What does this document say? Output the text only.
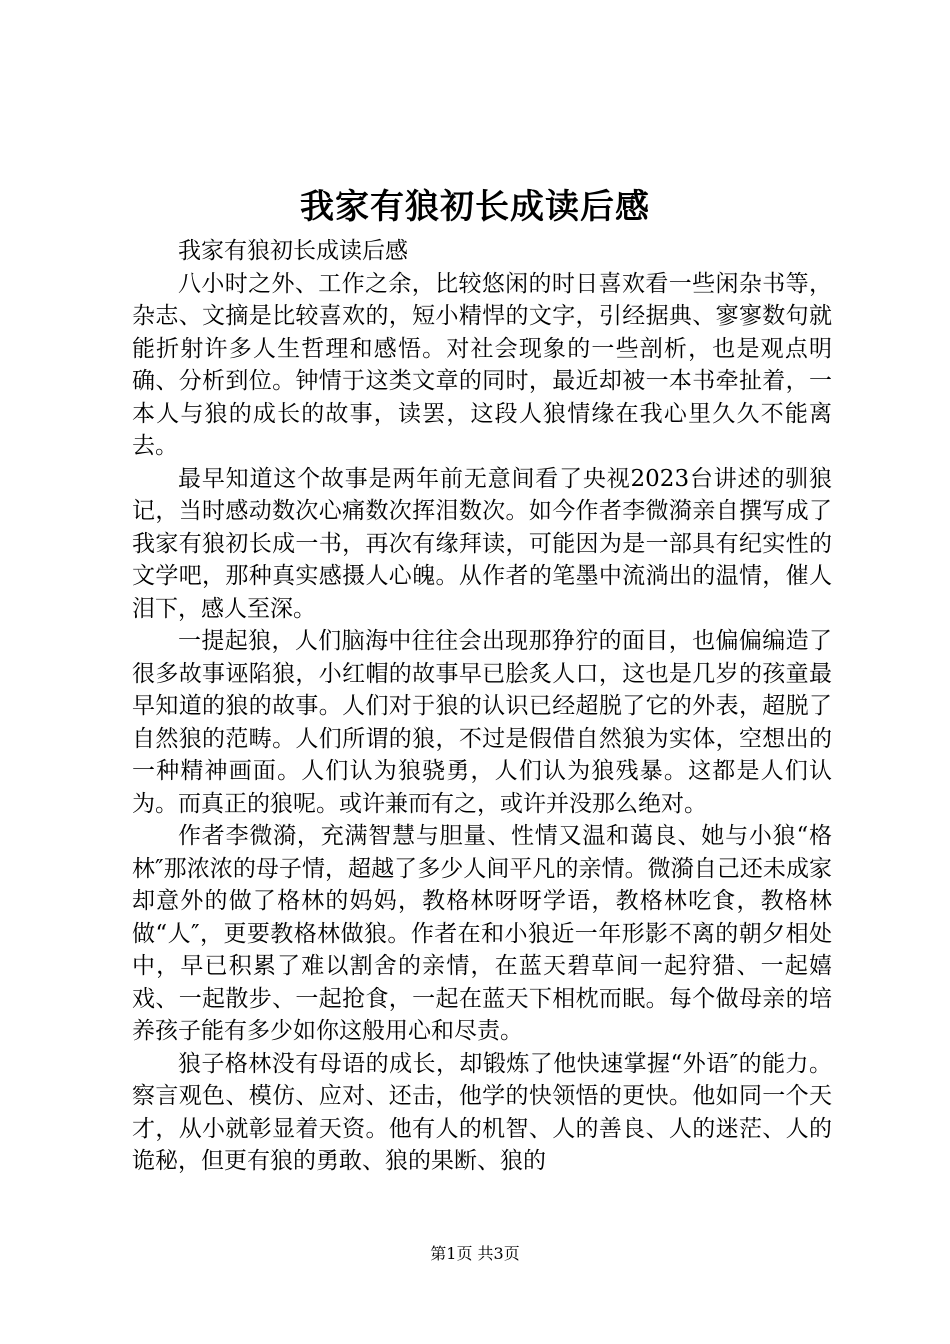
我家有狼初长成读后感

我家有狼初长成读后感

八小时之外、工作之余，比较悠闲的时日喜欢看一些闲杂书等，杂志、文摘是比较喜欢的，短小精悍的文字，引经据典、寥寥数句就能折射许多人生哲理和感悟。对社会现象的一些剖析，也是观点明确、分析到位。钟情于这类文章的同时，最近却被一本书牵扯着，一本人与狼的成长的故事，读罢，这段人狼情缘在我心里久久不能离去。

最早知道这个故事是两年前无意间看了央视2023台讲述的驯狼记，当时感动数次心痛数次挥泪数次。如今作者李微漪亲自撰写成了我家有狼初长成一书，再次有缘拜读，可能因为是一部具有纪实性的文学吧，那种真实感摄人心魄。从作者的笔墨中流淌出的温情，催人泪下，感人至深。

一提起狼，人们脑海中往往会出现那狰狞的面目，也偏偏编造了很多故事诬陷狼，小红帽的故事早已脍炙人口，这也是几岁的孩童最早知道的狼的故事。人们对于狼的认识已经超脱了它的外表，超脱了自然狼的范畴。人们所谓的狼，不过是假借自然狼为实体，空想出的一种精神画面。人们认为狼骁勇，人们认为狼残暴。这都是人们认为。而真正的狼呢。或许兼而有之，或许并没那么绝对。

作者李微漪，充满智慧与胆量、性情又温和蔼良、她与小狼“格林″那浓浓的母子情，超越了多少人间平凡的亲情。微漪自己还未成家却意外的做了格林的妈妈，教格林呀呀学语，教格林吃食，教格林做“人″，更要教格林做狼。作者在和小狼近一年形影不离的朝夕相处中，早已积累了难以割舍的亲情，在蓝天碧草间一起狩猎、一起嬉戏、一起散步、一起抢食，一起在蓝天下相枕而眠。每个做母亲的培养孩子能有多少如你这般用心和尽责。

狼子格林没有母语的成长，却锻炼了他快速掌握“外语″的能力。察言观色、模仿、应对、还击，他学的快领悟的更快。他如同一个天才，从小就彰显着天资。他有人的机智、人的善良、人的迷茫、人的诡秘，但更有狼的勇敢、狼的果断、狼的

第1页 共3页
